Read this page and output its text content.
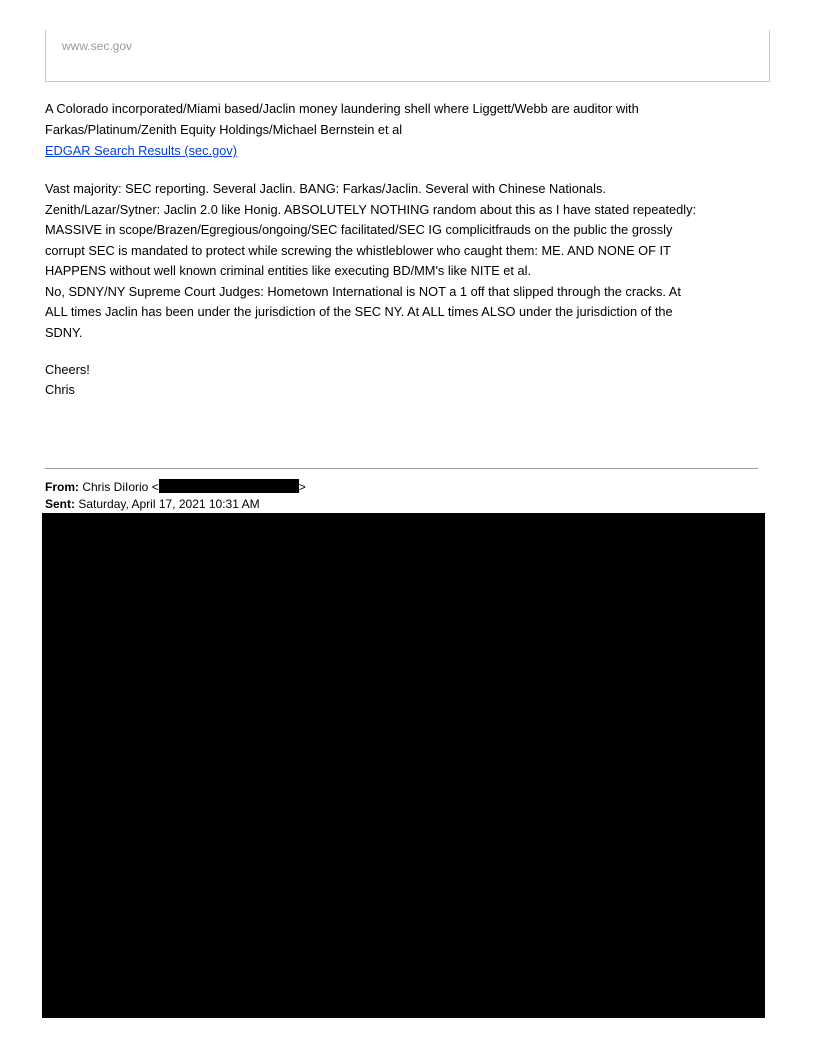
www.sec.gov
A Colorado incorporated/Miami based/Jaclin money laundering shell where Liggett/Webb are auditor with
Farkas/Platinum/Zenith Equity Holdings/Michael Bernstein et al
EDGAR Search Results (sec.gov)
Vast majority: SEC reporting. Several Jaclin. BANG: Farkas/Jaclin. Several with Chinese Nationals.
Zenith/Lazar/Sytner: Jaclin 2.0 like Honig. ABSOLUTELY NOTHING random about this as I have stated repeatedly:
MASSIVE in scope/Brazen/Egregious/ongoing/SEC facilitated/SEC IG complicitfrauds on the public the grossly
corrupt SEC is mandated to protect while screwing the whistleblower who caught them: ME. AND NONE OF IT
HAPPENS without well known criminal entities like executing BD/MM's like NITE et al.
No, SDNY/NY Supreme Court Judges: Hometown International is NOT a 1 off that slipped through the cracks. At
ALL times Jaclin has been under the jurisdiction of the SEC NY. At ALL times ALSO under the jurisdiction of the
SDNY.
Cheers!
Chris
From: Chris DiIorio <	>
Sent: Saturday, April 17, 2021 10:31 AM
